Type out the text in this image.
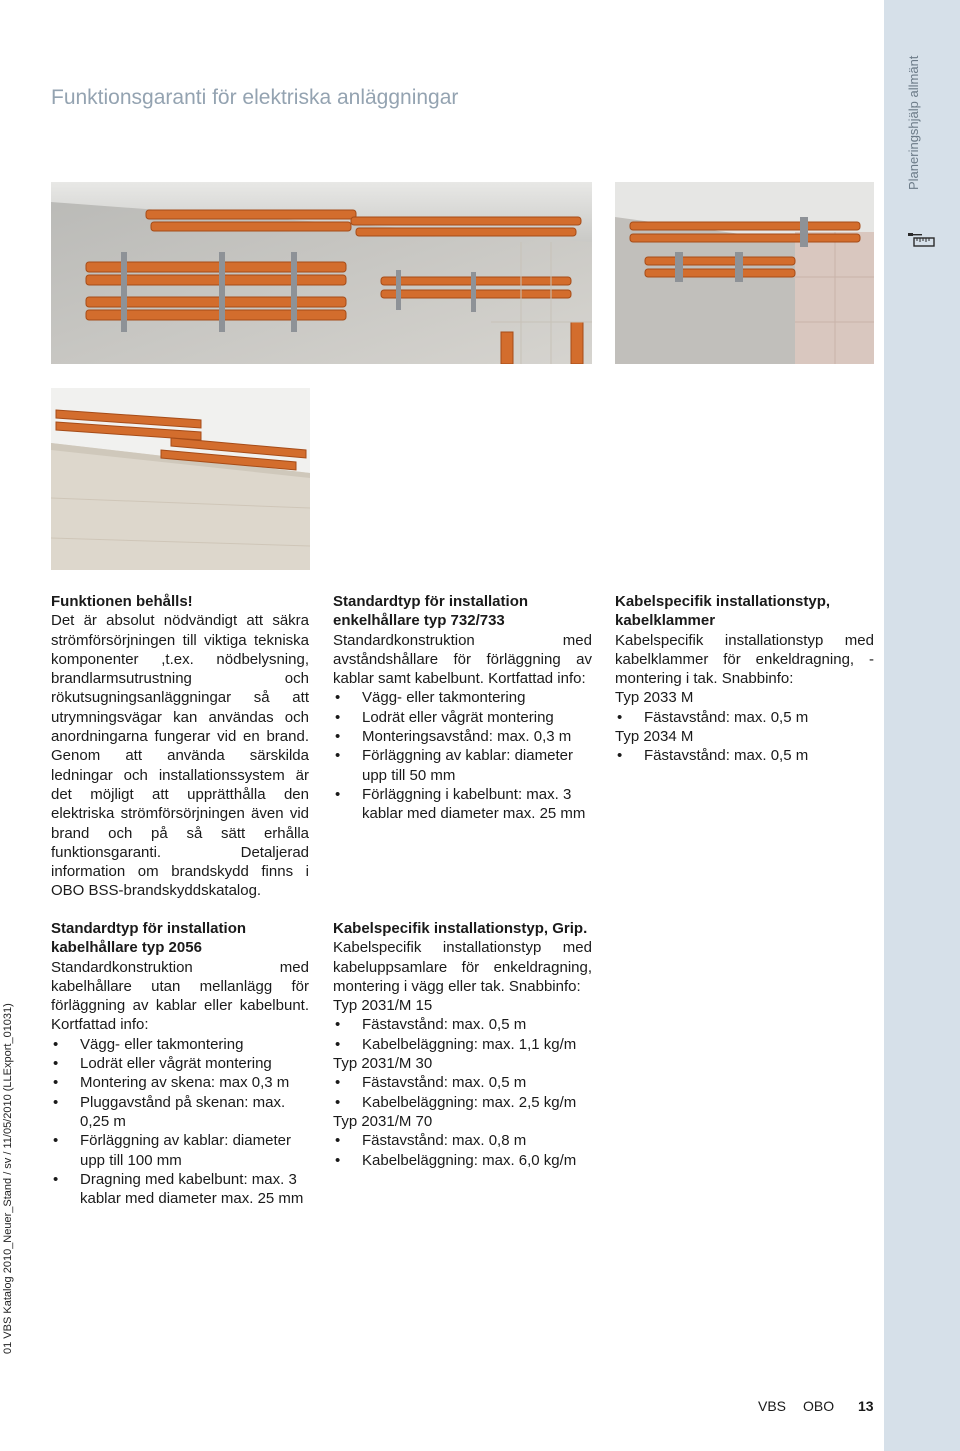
Planeringshjälp allmänt
Funktionsgaranti för elektriska anläggningar
Funktionen behålls!

Det är absolut nödvändigt att säkra strömförsörjningen till viktiga tekniska komponenter ,t.ex. nödbelysning, brandlarmsutrustning och rökutsugningsanläggningar så att utrymningsvägar kan användas och anordningarna fungerar vid en brand. Genom att använda särskilda ledningar och installationssystem är det möjligt att upprätthålla den elektriska strömförsörjningen även vid brand och på så sätt erhålla funktionsgaranti. Detaljerad information om brandskydd finns i OBO BSS-brandskyddskatalog.

Standardtyp för installation enkelhållare typ 732/733

Standardkonstruktion med avståndshållare för förläggning av kablar samt kabelbunt. Kortfattad info:

• Vägg- eller takmontering
• Lodrät eller vågrät montering
• Monteringsavstånd: max. 0,3 m
• Förläggning av kablar: diameter upp till 50 mm
• Förläggning i kabelbunt: max. 3 kablar med diameter max. 25 mm
Kabelspecifik installationstyp, kabelklammer

Kabelspecifik installationstyp med kabelklammer för enkeldragning, -montering i tak. Snabbinfo:

Typ 2033 M

• Fästavstånd: max. 0,5 m

Typ 2034 M

• Fästavstånd: max. 0,5 m
Standardtyp för installation kabelhållare typ 2056

Standardkonstruktion med kabelhållare utan mellanlägg för förläggning av kablar eller kabelbunt. Kortfattad info:

• Vägg- eller takmontering
• Lodrät eller vågrät montering
• Montering av skena: max 0,3 m
• Pluggavstånd på skenan: max. 0,25 m
• Förläggning av kablar: diameter upp till 100 mm
• Dragning med kabelbunt: max. 3 kablar med diameter max. 25 mm
Kabelspecifik installationstyp, Grip.

Kabelspecifik installationstyp med kabeluppsamlare för enkeldragning, montering i vägg eller tak. Snabbinfo:

Typ 2031/M 15

• Fästavstånd: max. 0,5 m
• Kabelbeläggning: max. 1,1 kg/m

Typ 2031/M 30

• Fästavstånd: max. 0,5 m
• Kabelbeläggning: max. 2,5 kg/m

Typ 2031/M 70

• Fästavstånd: max. 0,8 m
• Kabelbeläggning: max. 6,0 kg/m
01 VBS Katalog 2010_Neuer_Stand / sv / 11/05/2010 (LLExport_01031)
VBS OBO 13
